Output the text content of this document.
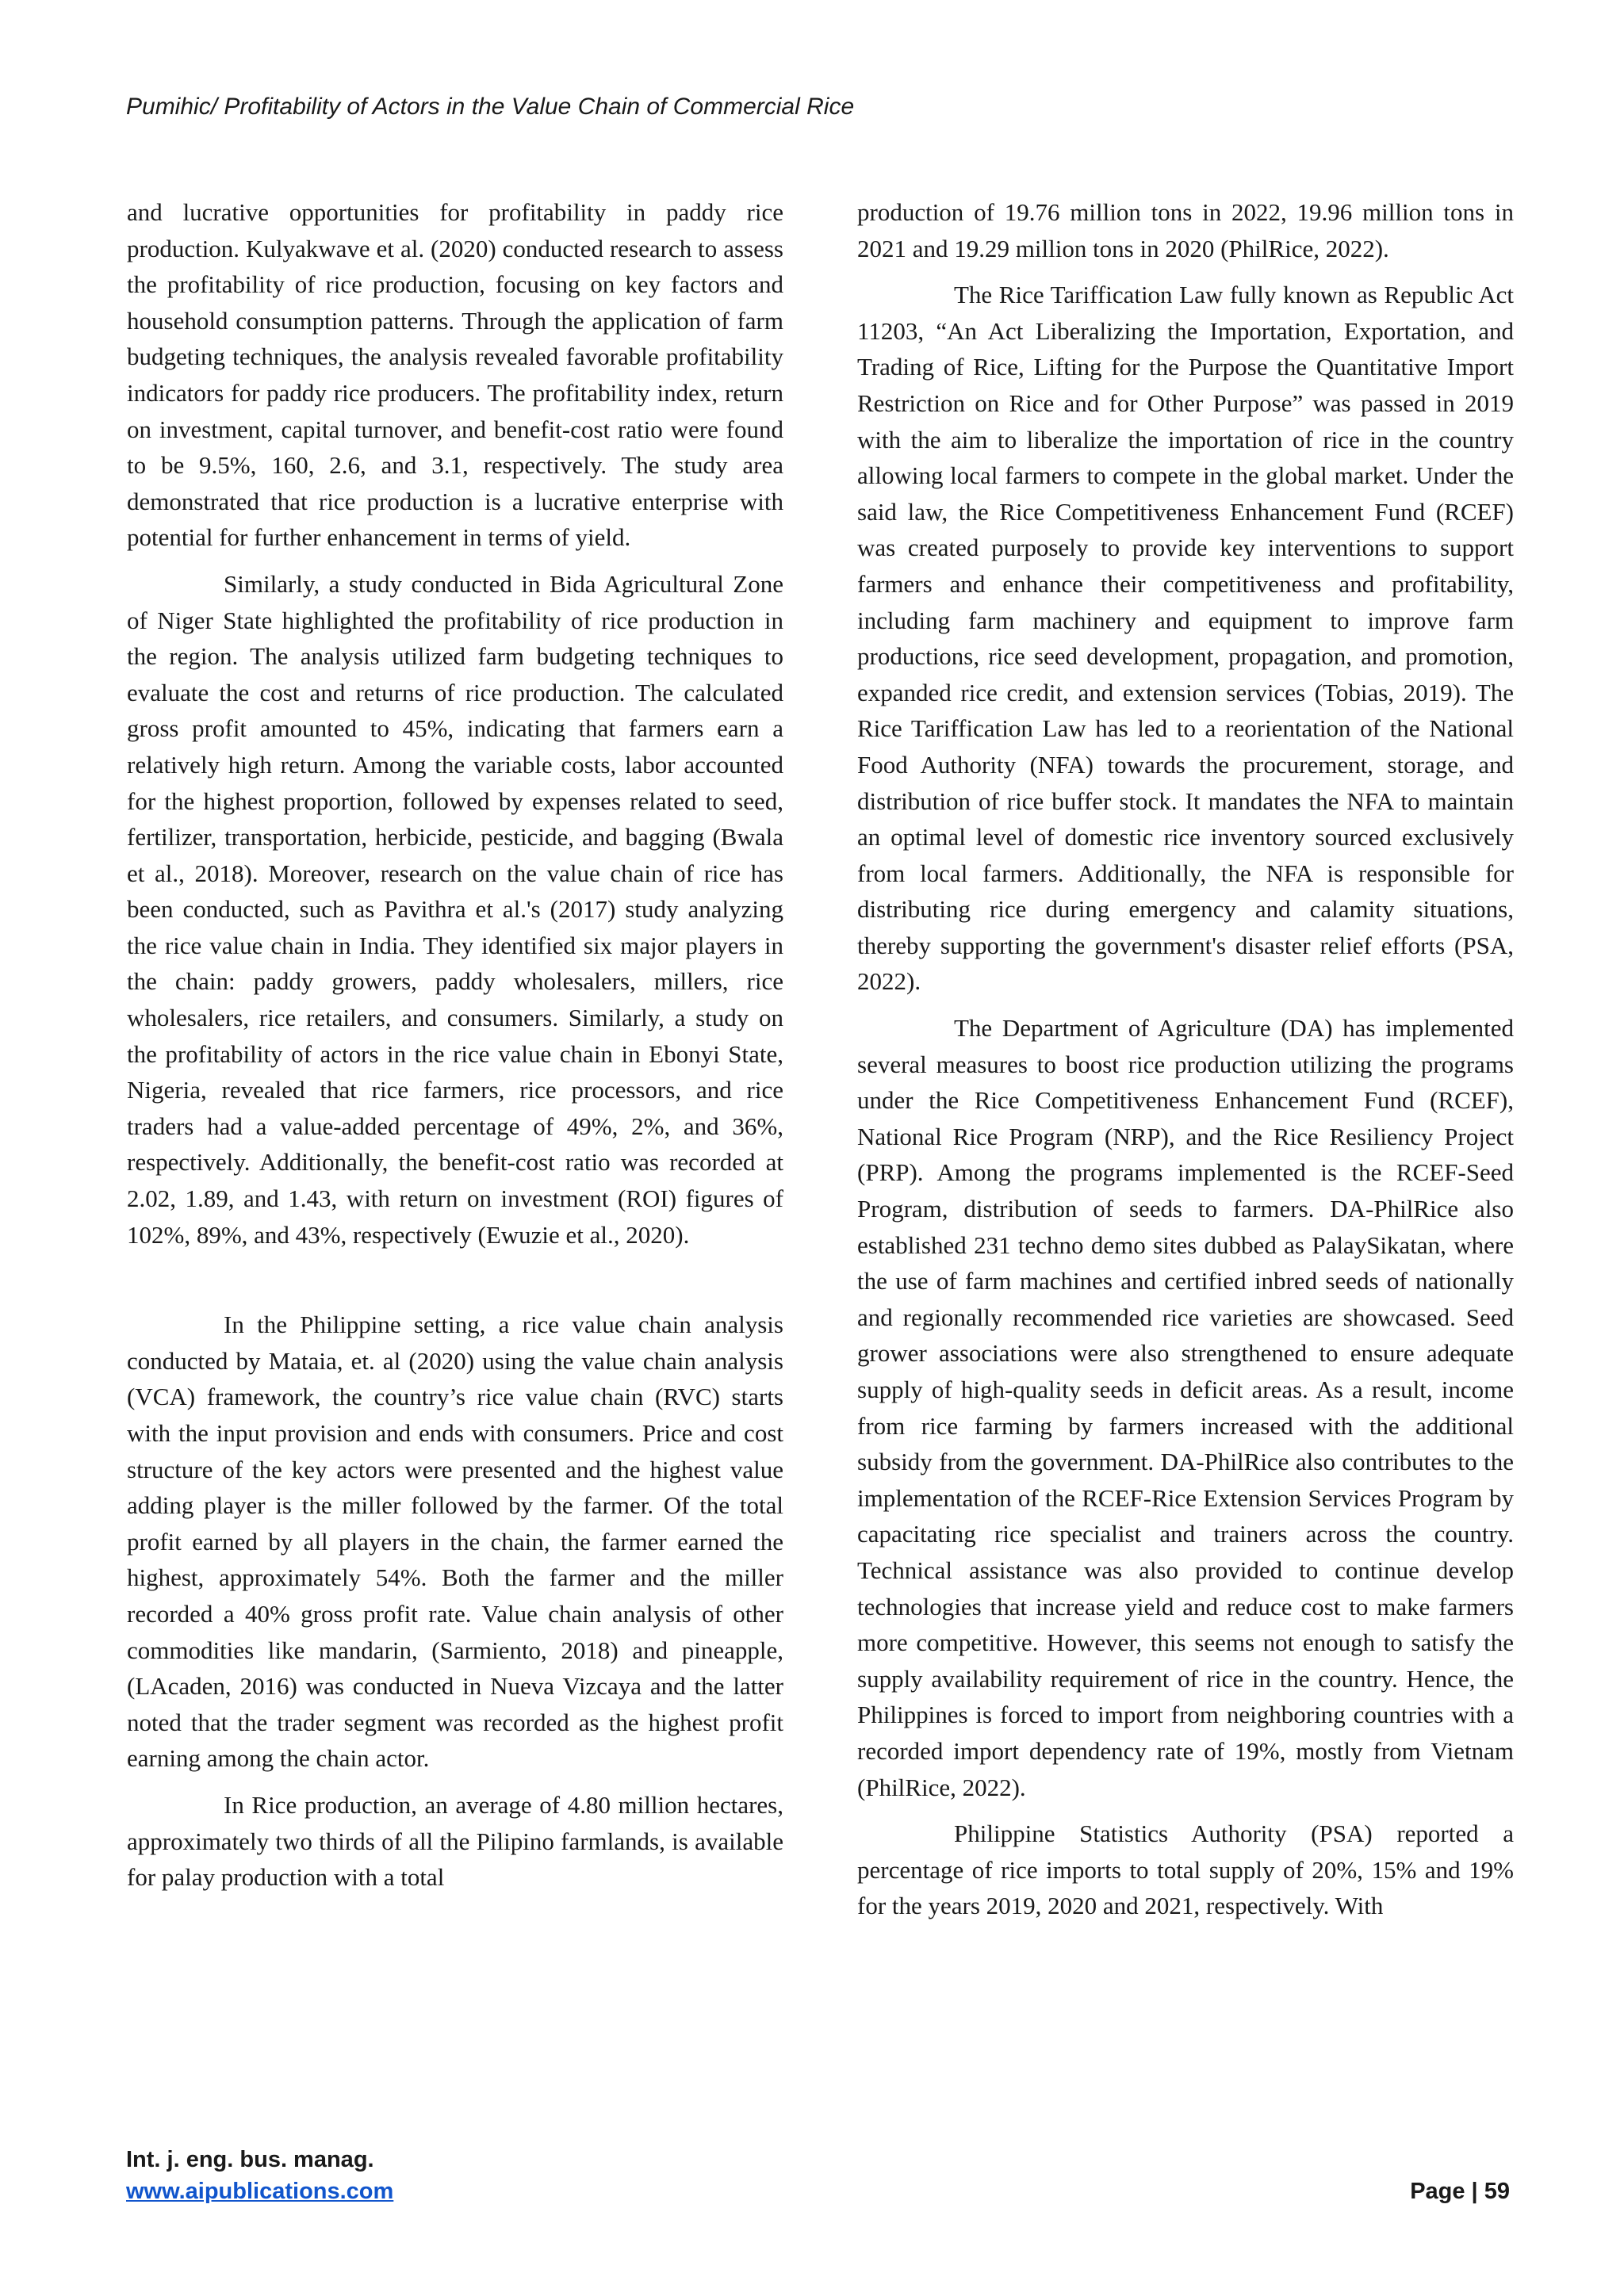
Pumihic/ Profitability of Actors in the Value Chain of Commercial Rice

and lucrative opportunities for profitability in paddy rice production. Kulyakwave et al. (2020) conducted research to assess the profitability of rice production, focusing on key factors and household consumption patterns. Through the application of farm budgeting techniques, the analysis revealed favorable profitability indicators for paddy rice producers. The profitability index, return on investment, capital turnover, and benefit-cost ratio were found to be 9.5%, 160, 2.6, and 3.1, respectively. The study area demonstrated that rice production is a lucrative enterprise with potential for further enhancement in terms of yield.

Similarly, a study conducted in Bida Agricultural Zone of Niger State highlighted the profitability of rice production in the region. The analysis utilized farm budgeting techniques to evaluate the cost and returns of rice production. The calculated gross profit amounted to 45%, indicating that farmers earn a relatively high return. Among the variable costs, labor accounted for the highest proportion, followed by expenses related to seed, fertilizer, transportation, herbicide, pesticide, and bagging (Bwala et al., 2018). Moreover, research on the value chain of rice has been conducted, such as Pavithra et al.'s (2017) study analyzing the rice value chain in India. They identified six major players in the chain: paddy growers, paddy wholesalers, millers, rice wholesalers, rice retailers, and consumers. Similarly, a study on the profitability of actors in the rice value chain in Ebonyi State, Nigeria, revealed that rice farmers, rice processors, and rice traders had a value-added percentage of 49%, 2%, and 36%, respectively. Additionally, the benefit-cost ratio was recorded at 2.02, 1.89, and 1.43, with return on investment (ROI) figures of 102%, 89%, and 43%, respectively (Ewuzie et al., 2020).

In the Philippine setting, a rice value chain analysis conducted by Mataia, et. al (2020) using the value chain analysis (VCA) framework, the country’s rice value chain (RVC) starts with the input provision and ends with consumers. Price and cost structure of the key actors were presented and the highest value adding player is the miller followed by the farmer. Of the total profit earned by all players in the chain, the farmer earned the highest, approximately 54%. Both the farmer and the miller recorded a 40% gross profit rate. Value chain analysis of other commodities like mandarin, (Sarmiento, 2018) and pineapple, (LAcaden, 2016) was conducted in Nueva Vizcaya and the latter noted that the trader segment was recorded as the highest profit earning among the chain actor.

In Rice production, an average of 4.80 million hectares, approximately two thirds of all the Pilipino farmlands, is available for palay production with a total

production of 19.76 million tons in 2022, 19.96 million tons in 2021 and 19.29 million tons in 2020 (PhilRice, 2022).

The Rice Tariffication Law fully known as Republic Act 11203, “An Act Liberalizing the Importation, Exportation, and Trading of Rice, Lifting for the Purpose the Quantitative Import Restriction on Rice and for Other Purpose” was passed in 2019 with the aim to liberalize the importation of rice in the country allowing local farmers to compete in the global market. Under the said law, the Rice Competitiveness Enhancement Fund (RCEF) was created purposely to provide key interventions to support farmers and enhance their competitiveness and profitability, including farm machinery and equipment to improve farm productions, rice seed development, propagation, and promotion, expanded rice credit, and extension services (Tobias, 2019). The Rice Tariffication Law has led to a reorientation of the National Food Authority (NFA) towards the procurement, storage, and distribution of rice buffer stock. It mandates the NFA to maintain an optimal level of domestic rice inventory sourced exclusively from local farmers. Additionally, the NFA is responsible for distributing rice during emergency and calamity situations, thereby supporting the government's disaster relief efforts (PSA, 2022).

The Department of Agriculture (DA) has implemented several measures to boost rice production utilizing the programs under the Rice Competitiveness Enhancement Fund (RCEF), National Rice Program (NRP), and the Rice Resiliency Project (PRP). Among the programs implemented is the RCEF-Seed Program, distribution of seeds to farmers. DA-PhilRice also established 231 techno demo sites dubbed as PalaySikatan, where the use of farm machines and certified inbred seeds of nationally and regionally recommended rice varieties are showcased. Seed grower associations were also strengthened to ensure adequate supply of high-quality seeds in deficit areas. As a result, income from rice farming by farmers increased with the additional subsidy from the government. DA-PhilRice also contributes to the implementation of the RCEF-Rice Extension Services Program by capacitating rice specialist and trainers across the country. Technical assistance was also provided to continue develop technologies that increase yield and reduce cost to make farmers more competitive. However, this seems not enough to satisfy the supply availability requirement of rice in the country. Hence, the Philippines is forced to import from neighboring countries with a recorded import dependency rate of 19%, mostly from Vietnam (PhilRice, 2022).

Philippine Statistics Authority (PSA) reported a percentage of rice imports to total supply of 20%, 15% and 19% for the years 2019, 2020 and 2021, respectively. With

Int. j. eng. bus. manag.
www.aipublications.com	Page | 59
